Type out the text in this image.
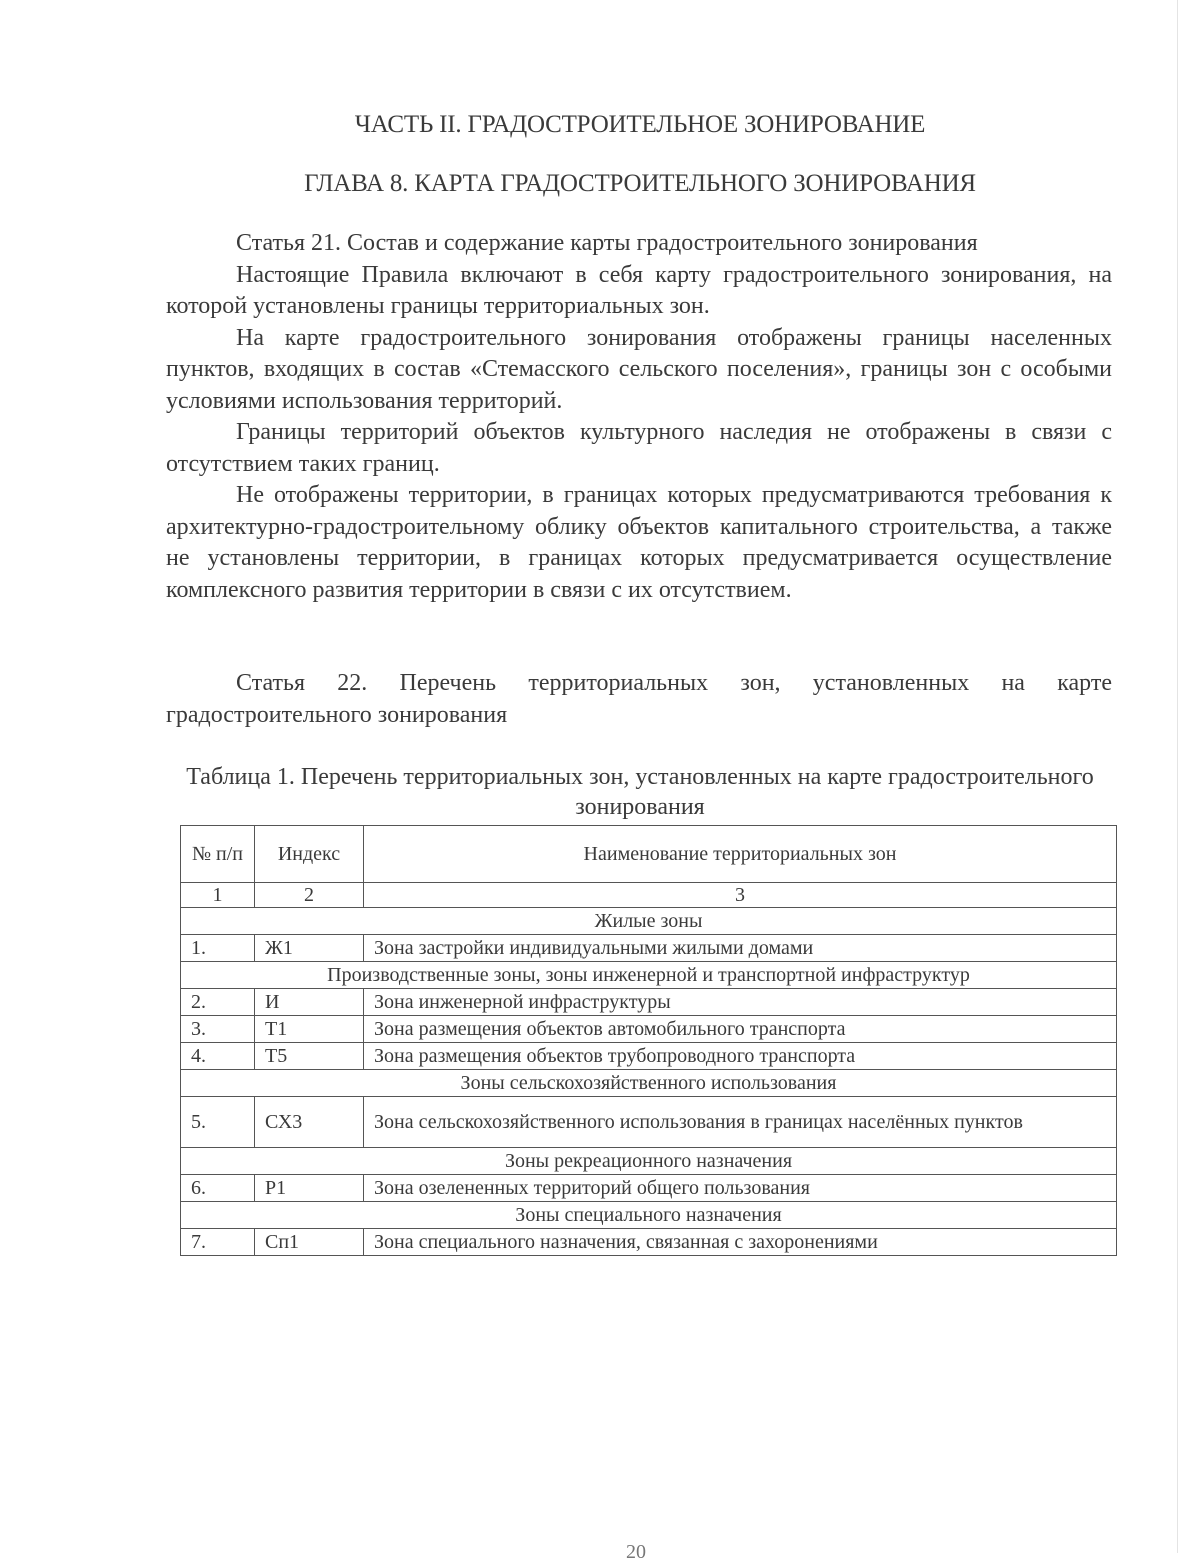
ЧАСТЬ II. ГРАДОСТРОИТЕЛЬНОЕ ЗОНИРОВАНИЕ
ГЛАВА 8. КАРТА ГРАДОСТРОИТЕЛЬНОГО ЗОНИРОВАНИЯ

Статья 21. Состав и содержание карты градостроительного зонирования

Настоящие Правила включают в себя карту градостроительного зонирования, на которой установлены границы территориальных зон.

На карте градостроительного зонирования отображены границы населенных пунктов, входящих в состав «Стемасского сельского поселения», границы зон с особыми условиями использования территорий.

Границы территорий объектов культурного наследия не отображены в связи с отсутствием таких границ.

Не отображены территории, в границах которых предусматриваются требования к архитектурно-градостроительному облику объектов капитального строительства, а также не установлены территории, в границах которых предусматривается осуществление комплексного развития территории в связи с их отсутствием.

Статья 22. Перечень территориальных зон, установленных на карте градостроительного зонирования

Таблица 1. Перечень территориальных зон, установленных на карте градостроительного зонирования
№ п/п	Индекс	Наименование территориальных зон
1	2	3
Жилые зоны		
1.	Ж1	Зона застройки индивидуальными жилыми домами
Производственные зоны, зоны инженерной и транспортной инфраструктур		
2.	И	Зона инженерной инфраструктуры
3.	Т1	Зона размещения объектов автомобильного транспорта
4.	Т5	Зона размещения объектов трубопроводного транспорта
Зоны сельскохозяйственного использования		
5.	СХ3	Зона сельскохозяйственного использования в границах населённых пунктов
Зоны рекреационного назначения		
6.	Р1	Зона озелененных территорий общего пользования
Зоны специального назначения		
7.	Сп1	Зона специального назначения, связанная с захоронениями
20
